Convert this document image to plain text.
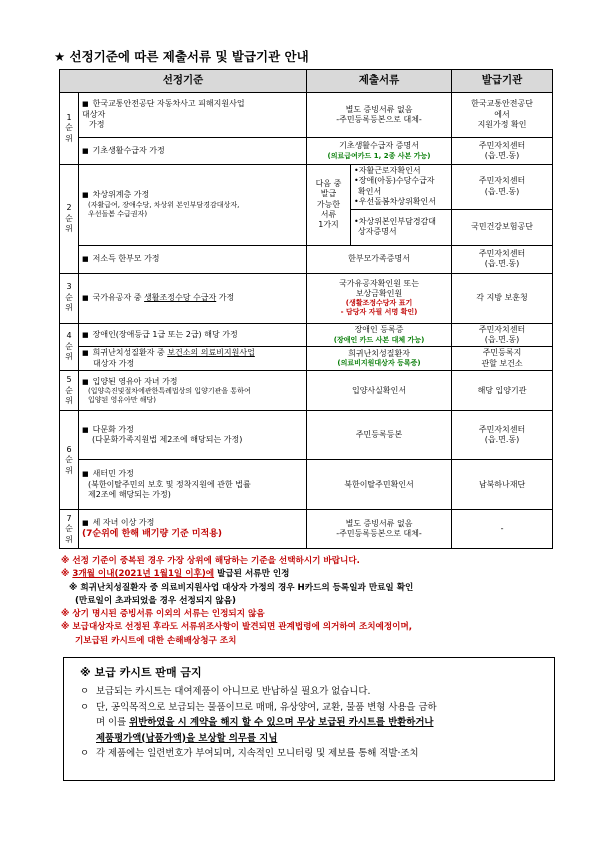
★ 선정기준에 따른 제출서류 및 발급기관 안내
선정기준		제출서류		발급기관

1
순
위	■ 한국교통안전공단 자동차사고 피해지원사업
대상자
가정	별도 증빙서류 없음
-주민등록등본으로 대체-		한국교통안전공단
에서
지원가정 확인

	■ 기초생활수급자 가정	기초생활수급자 증명서
(의료급여카드 1, 2종 사본 가능)		주민자치센터
(읍.면.동)

2
순
위	■ 차상위계층 가정
(자활급여, 장애수당, 차상위 본인부담경감대상자,
우선돌봄 수급권자)	다음 중
발급
가능한
서류
1가지	•자활근로자확인서
•장애(아동)수당수급자
확인서
•우선돌봄차상위확인서	주민자치센터
(읍.면.동)

			•차상위본인부담경감대
상자증명서	국민건강보험공단
	■ 저소득 한부모 가정	한부모가족증명서		주민자치센터
(읍.면.동)

3
순
위	■ 국가유공자 중 생활조정수당 수급자 가정	국가유공자확인원 또는
보상금확인원
(생활조정수당자 표기
- 담당자 자필 서명 확인)		각 지방 보훈청

4
순
위	■ 장애인(장애등급 1급 또는 2급) 해당 가정	장애인 등록증
(장애인 카드 사본 대체 가능)		주민자치센터
(읍.면.동)

	■ 희귀난치성질환자 중 보건소의 의료비지원사업
대상자 가정	희귀난치성질환자
(의료비지원대상자 등록증)		주민등록지
관할 보건소

5
순
위	■ 입양된 영유아 자녀 가정
(입양촉진및절차에관한특례법상의 입양기관을 통하여
입양된 영유아만 해당)	입양사실확인서		해당 입양기관

6
순
위	■ 다문화 가정
(다문화가족지원법 제2조에 해당되는 가정)	주민등록등본		주민자치센터
(읍.면.동)

	■ 새터민 가정
(북한이탈주민의 보호 및 정착지원에 관한 법률
제2조에 해당되는 가정)	북한이탈주민확인서		남북하나재단

7
순
위	■ 세 자녀 이상 가정
(7순위에 한해 배기량 기준 미적용)	별도 증빙서류 없음
-주민등록등본으로 대체-		-
※ 선정 기준이 중복된 경우 가장 상위에 해당하는 기준을 선택하시기 바랍니다.
※ 3개월 이내(2021년 1월1일 이후)에 발급된 서류만 인정
※ 희귀난치성질환자 중 의료비지원사업 대상자 가정의 경우 H카드의 등록일과 만료일 확인
(만료일이 초과되었을 경우 선정되지 않음)
※ 상기 명시된 증빙서류 이외의 서류는 인정되지 않음
※ 보급대상자로 선정된 후라도 서류위조사항이 발견되면 관계법령에 의거하여 조치예정이며,
기보급된 카시트에 대한 손해배상청구 조치
※ 보급 카시트 판매 금지
ㅇ 보급되는 카시트는 대여제품이 아니므로 반납하실 필요가 없습니다.
ㅇ 단, 공익목적으로 보급되는 물품이므로 매매, 유상양여, 교환, 물품 변형 사용을 금하
며 이를 위반하였을 시 계약을 해지 할 수 있으며 무상 보급된 카시트를 반환하거나
제품평가액(납품가액)을 보상할 의무를 지님
ㅇ 각 제품에는 일련번호가 부여되며, 지속적인 모니터링 및 제보를 통해 적발·조치
